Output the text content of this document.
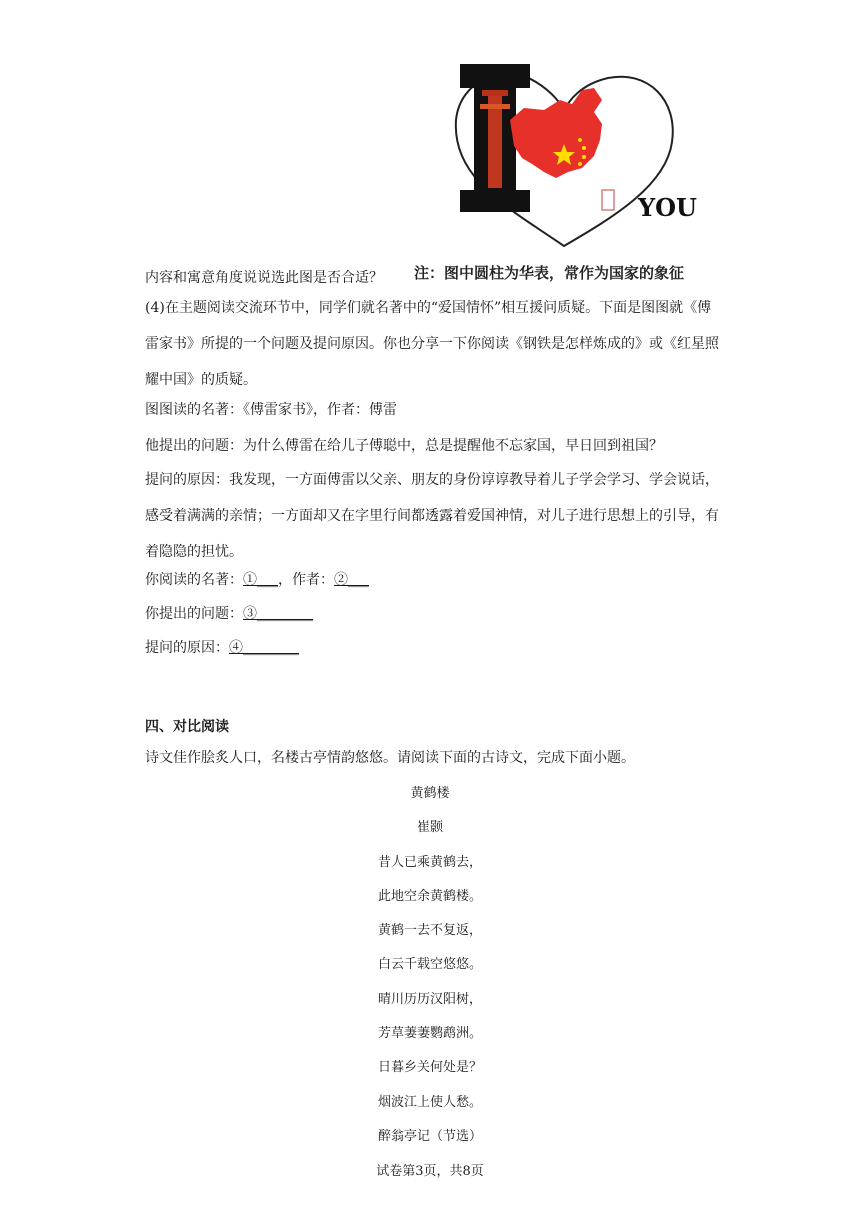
YOU
注：图中圆柱为华表，常作为国家的象征
内容和寓意角度说说选此图是否合适？
(4)在主题阅读交流环节中，同学们就名著中的“爱国情怀”相互援问质疑。下面是图图就《傅雷家书》所提的一个问题及提问原因。你也分享一下你阅读《钢铁是怎样炼成的》或《红星照耀中国》的质疑。
图图读的名著：《傅雷家书》，作者：傅雷
他提出的问题：为什么傅雷在给儿子傅聪中，总是提醒他不忘家国，早日回到祖国？
提问的原因：我发现，一方面傅雷以父亲、朋友的身份谆谆教导着儿子学会学习、学会说话，感受着满满的亲情；一方面却又在字里行间都透露着爱国神情，对儿子进行思想上的引导，有着隐隐的担忧。
你阅读的名著：①___，作者：②___
你提出的问题：③________
提问的原因：④________
四、对比阅读
诗文佳作脍炙人口，名楼古亭情韵悠悠。请阅读下面的古诗文，完成下面小题。
黄鹤楼
崔颢
昔人已乘黄鹤去，
此地空余黄鹤楼。
黄鹤一去不复返，
白云千载空悠悠。
晴川历历汉阳树，
芳草萋萋鹦鹉洲。
日暮乡关何处是？
烟波江上使人愁。
醉翁亭记（节选）
试卷第3页，共8页
